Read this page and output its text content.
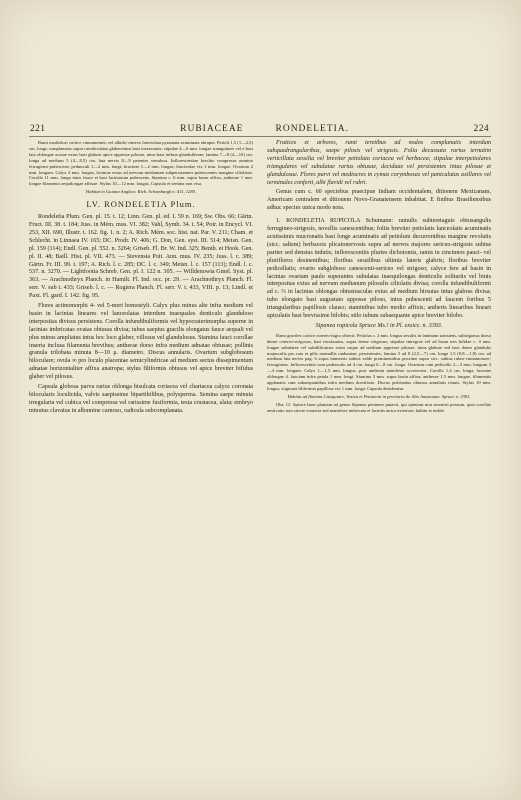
221	RUBIACEAE	RONDELETIA.	224

Rami modiolosi cortice cinnamomeo vel albido-cinereo lanceolata pyramata acuminata abrupta. Petioli 1,5 (1—2,5) cm. longo complanatus supra canaliculatus glaberrimus basi inerassatus; stipulae 4—6 mm. longae triangulares vel e basi lata oblongae acutae extus basi glabrae apice appresse pilosae, intus basi infima glanduliferae; lamina 7—8 (4—10) cm. longa ad medium 5 (4—8,5) cm. lata nervis 8—9 patentes venulosa. Inflorescentiae brachio compressa omnino ferrugineo-pubescens; pedunculi 1—2 mm. longi; bracteae 1—2 mm. longae; bracteolae vix 1 mm. longae. Ovarium 2 mm. longum. Calyx 2 mm. longus, laciniae extus ad nervum medianum subpersistentes pubescentes margine ciliolatae. Corolla 11 mm. longa intus fauce et basi laciniarum pubescens. Stamina c. 6 mm. supra basin affixa, antherae 1 mm. longae filamento aequilongae affixae. Stylus 10—12 mm. longus. Capsula et semina non visa.

Habitat in Guiana Anglica: Rich. Schomburgk n. 411, 1285.

LV. RONDELETIA Plum.

Rondeletia Plum. Gen. pl. 15. t. 12; Linn. Gen. pl. ed. I. 59 n. 169; Sw. Obs. 66; Gärtn. Fruct. III. 38. t. 184; Juss. in Mém. mus. VI. 382; Vahl, Symb. 34. t. 54; Poir. in Encycl. VI. 253, XII. 690, Illustr. t. 162. fig. 1. n. 2; A. Rich. Mém. soc. hist. nat. Par. V. 211; Cham. et Schlecht. in Linnaea IV. 165; DC. Prodr. IV. 406; G. Don, Gen. syst. III. 514; Meisn. Gen. pl. 159 (114); Endl. Gen. pl. 552. n. 3264; Griseb. Fl. Br. W. Ind. 325; Benth. et Hook. Gen. pl. II. 48; Baill. Hist. pl. VII. 473. — Stevensia Poit. Ann. mus. IV. 235; Juss. l. c. 389; Gärtn. Fr. III. 99. t. 197; A. Rich. l. c. 285; DC. l. c. 349; Meisn. l. c. 157 (113); Endl. l. c. 537. n. 3270. — Lightfootia Schreb. Gen. pl. I. 122 n. 305. — Willdenowia Gmel. Syst. pl. 363. — Arachnothryx Planch. in Hamilt. Fl. Ind. occ. pr. 29. — Arachnothryx Planch. Fl. serr. V. sub t. 433; Griseb. l. c. — Rogiera Planch. Fl. serr. V. t. 433, VIII. p. 13; Lindl. et Paxt. Fl. gard. I. 142. fig. 95.

Flores actinomorphi 4- vel 5-meri homostyli. Calyx plus minus alte infra medium vel basin in lacinias lineares vel lanceolatas interdum inaequales denticulo glanduloso interpositas divisus persistens. Corolla infundibuliformis vel hypocraterimorpha superne in lacinias imbricatas ovatas obtusas divisa; tubus saepius gracilis elongatus fauce aequali vel plus minus ampliatus intus hoc loco glaber, villosus vel glandulosus. Stamina fauci corollae inserta inclusa filamenta brevibus; antherae dorso infra medium adnatae obtusae; pollinis granula trilobata minuta 8—10 μ. diametro. Discus annularis. Ovarium subglobosum biloculare; ovula ∞ pro loculo placentae semicylindricae ad medium sectus dissepimentum adnatae horizontaliter affixa anatropa; stylus filiformis obtusus vel apice breviter bifidus glaber vel pilosus.

Capsula globosa parva rarius oblonga bisulcata coriacea vel chartacea calyce coronata bilocularis loculicida, valvis saepissime bipartibilibus, polysperma. Semina saepe minuta irregularia vel cubica vel compressa vel rarissime fusiformia, testa crustacea, alata; embryo minutus clavatus in albumine carnoso, radicula subcomplanata.

Frutices et arbores, rami teretibus ad nodos complanatis interdum subquadrangularibus, saepe pilosis vel strigosis. Folia decussata rarius ternatim verticillata sessilia vel breviter petiolata coriacea vel herbacea; stipulae interpetiolares triangulares vel subulatae rarius obtusae, deciduae vel persistentes intus pilosae et glandulosae. Flores parvi vel mediocres in cymas corymbosas vel paniculatas axillares vel terminales conferti, albi flavidi vel rubri.

Genus cum c. 60 speciebus praecipue Indiam occidentalem, ditionem Mexicanam, Americam centralem et ditionem Novo-Granatensem inhabitat. E finibus Brasiliensibus adhuc species unica modo nota.

1. RONDELETIA RUPICOLA Schumann: ramulis subteretaguis obtusangulis ferrugineo-strigosis, novellis canescentibus; foliis breviter petiolatis lanceolatis acuminatis acutissimis mucronatis basi longe acuminatis ad petiolum decurrentibus margine revolutis (sicc. saltem) herbaceis plicatonervosis supra ad nervos majores sericeo-strigosis subtus pariter sed densius indutis; inflorescentiis pluries dichotomis, ramis in cincinnos pauci- vel plurifloros desinentibus; floribus sessilibus ultimis lateris glabris; floribus breviter pedicellatis; ovario subgloboso canescenti-sericeo vel strigoso; calyce fere ad basin in lacinias ovariam paulo superantes subulatas inaequilongas denticulis solitariis vel binis interpositas extus ad nervum medianum pilosulis ciliolatis divisa; corolla infundibuliformi ad c. ⅔ in lacinias oblongas obtusiusculas extus ad medium hirsutas intus glabras divisa; tubo elongato basi augustato apposse piloso, intus pubescenti ad faucem foribus 5 triangularibus papillosis clauso; staminibus tubo medio affixis; antheris linearibus lineari apiculatis basi brevissime bilobis; stilo tubum subaequante apice breviter bilobo.

Sipanea rupicola Spruce Ms.! in Pl. exsicc. n. 3393.

Rami graciles cortice cinereo-nigro obtecti. Petiolus c. 2 mm. longus sessilis in laminam transiens, subtrigonus dorso dense cinereo-strigosus, basi incrassatus, supra dense strigosus; stipulae intregrae vel ad basin tres bifidae c. 4 mm. longae subulatae vel subdiliformes extus usque ad medium appresse pilosae, intus glabrae sed basi dense glandulis majusculis pro rata et pilis nonnullis onduratae, persistentes; lamina 5 ad 8 (2,5—7) cm. longa 1,5 (0,8—1,8) cm. ad medium lata nervis pag. 6 supra immersis subtus valde prominentibus proxime supra sicc. subtus rubro-cinnamomeo-ferrugineus. Inflorescentia cum pedunculo ad 4 cm. longa 6—8 cm. longa. Ovarium cum pedicello 2—3 mm. longum 3—4 mm. longum. Calyx 1—1,5 mm. longus, post anthesin manifeste accrescens. Corolla 1,4 cm. longa, laciniae oblongae 4, fauciam infra petala 1 mm. longi. Stamina 3 mm. supra basin affixa; antherae 1,5 mm. longae, filamentis applanatis cum subaequantibus infra medium dorsifixae. Discus pulvinatus obtusus annularis tenuis. Stylus 10 mm. longus, stigmata filiformia papillosa vix 1 mm. longa. Capsula desideratur.

Habitat ad flumina Casiquiare, Vasiva et Pacimoni in provincia do Alto Amazonas: Spruce n. 3393.

Obs. Cl. Spruce hanc plantam ad genus Sipanea pertinere putavit, qui opinioni non assentiri possum, quia corollae aestivatio non stricte contorta sed manifeste imbricata et laciniis unica exteriore; habitu et indole
